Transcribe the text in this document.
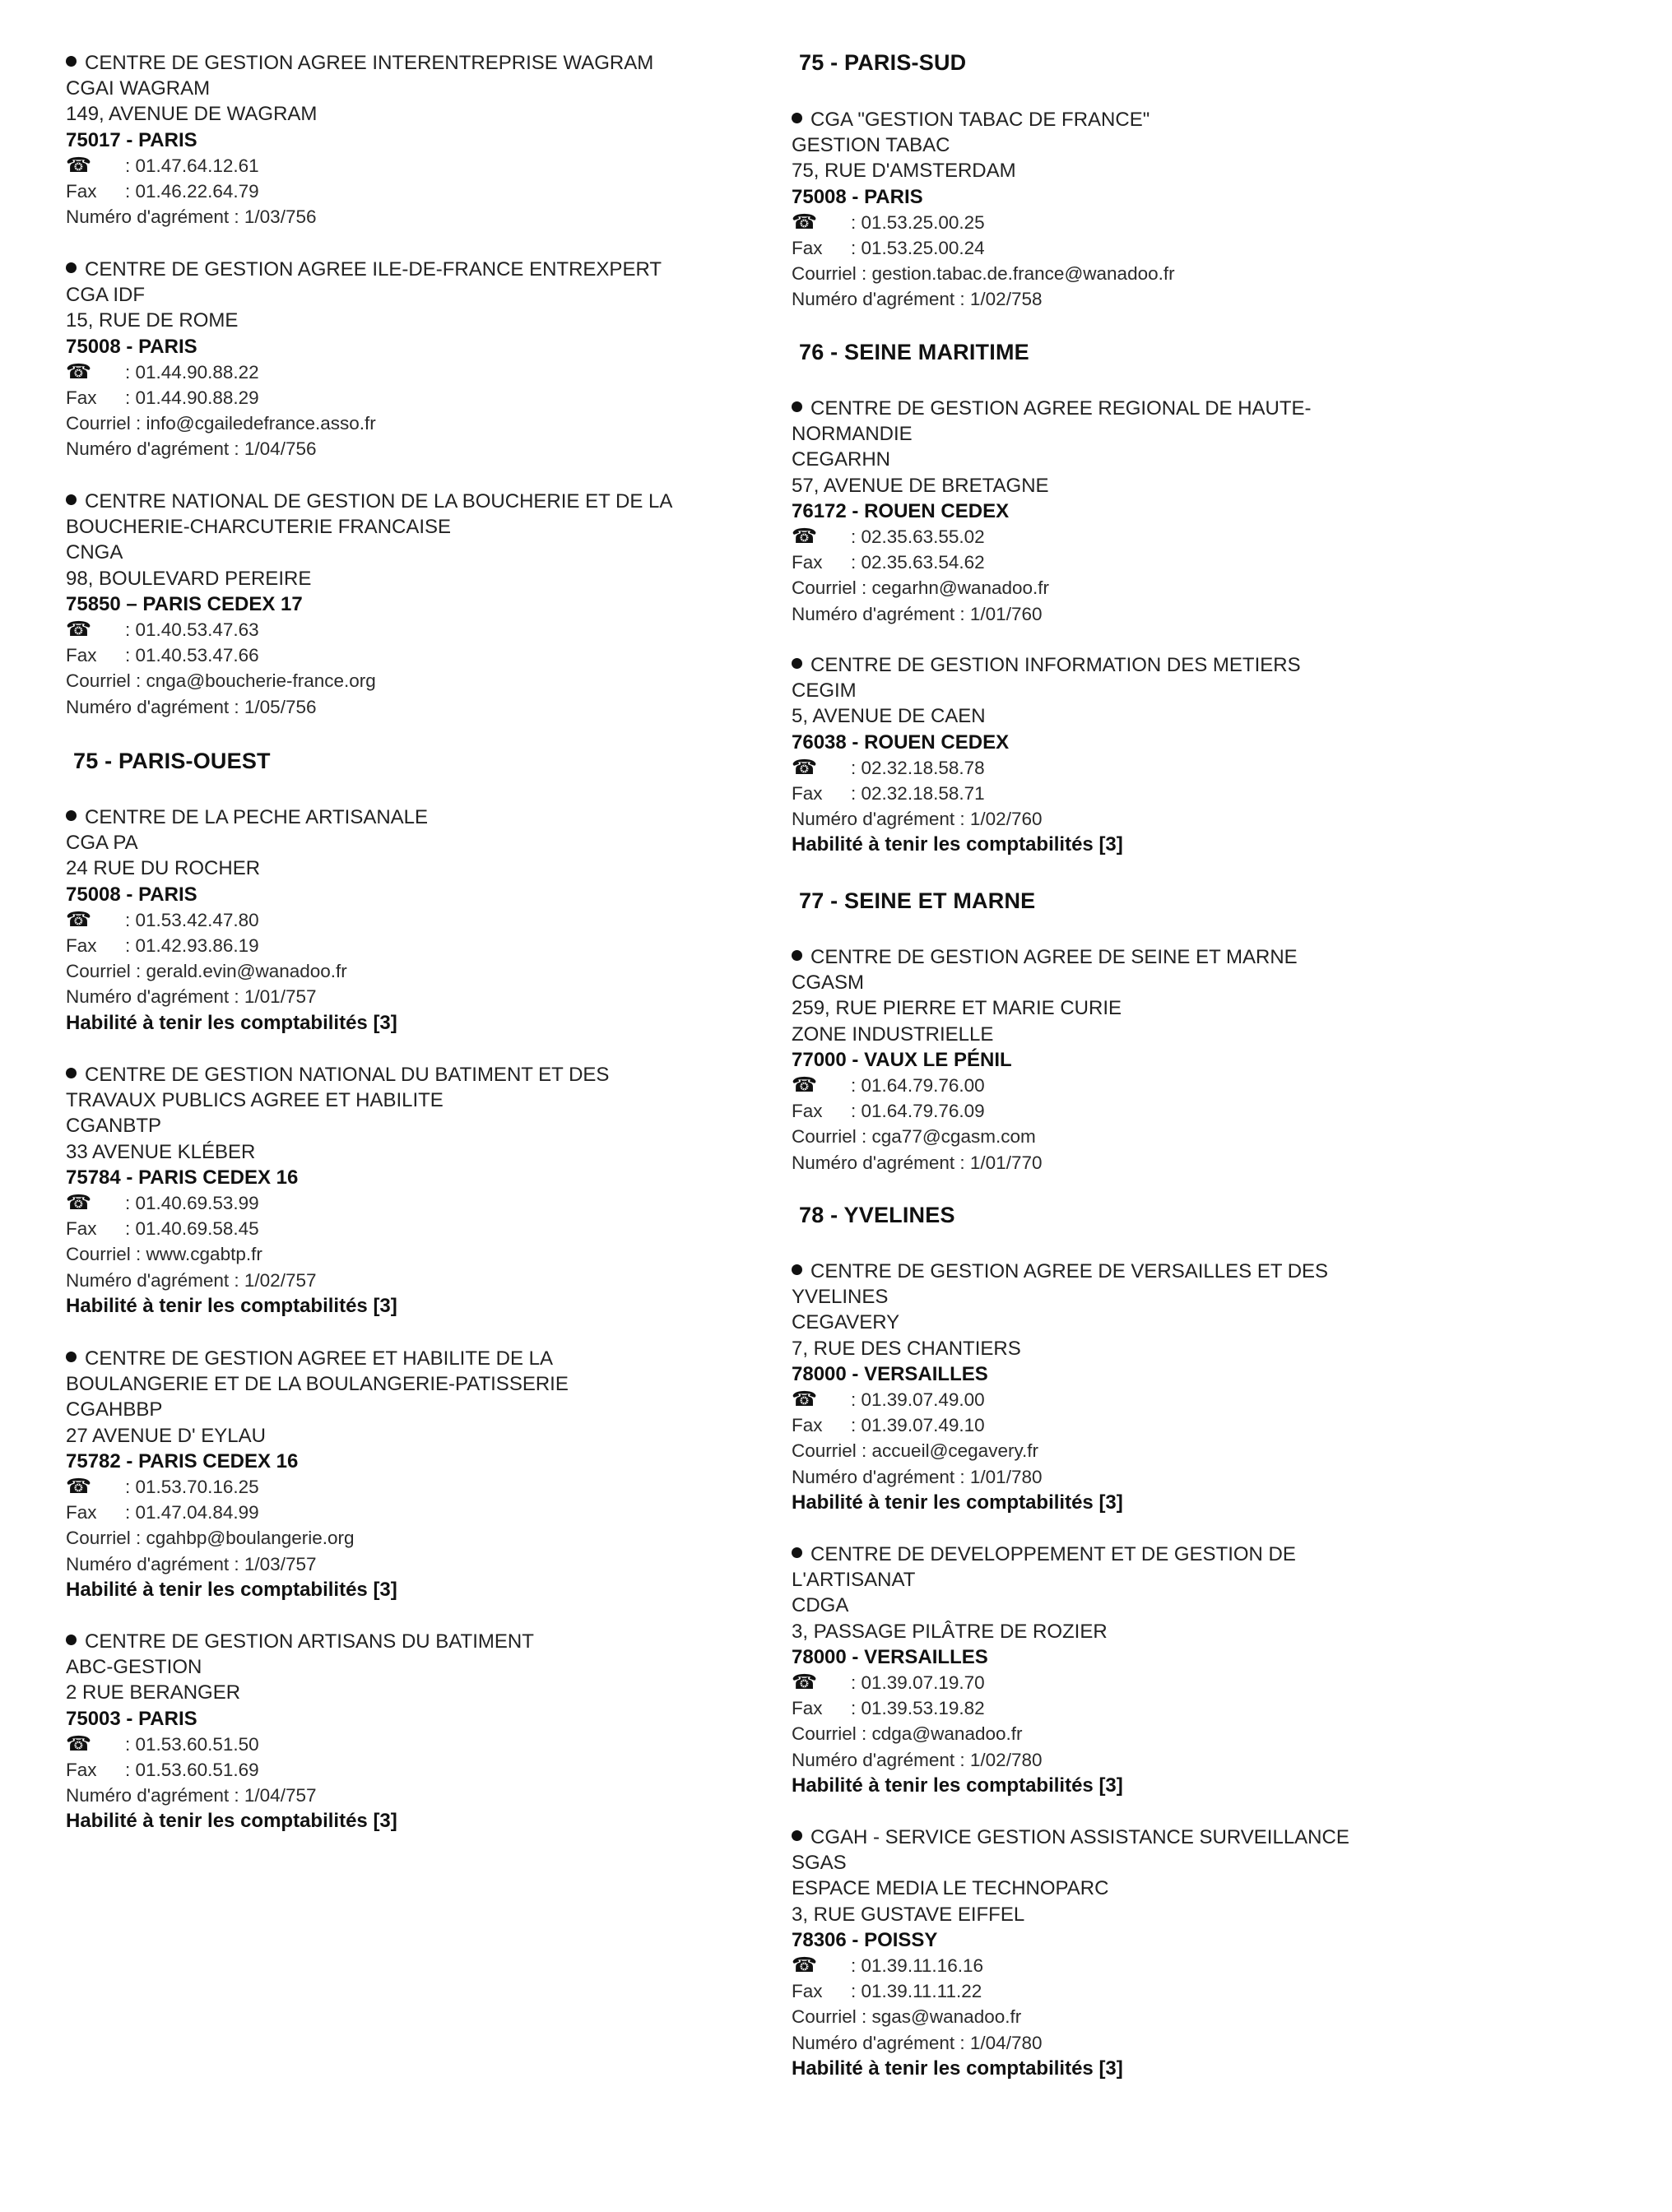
CENTRE DE GESTION AGREE INTERENTREPRISE WAGRAM
CGAI WAGRAM
149, AVENUE DE WAGRAM
75017 - PARIS
☎ : 01.47.64.12.61
Fax : 01.46.22.64.79
Numéro d'agrément : 1/03/756
CENTRE DE GESTION AGREE ILE-DE-FRANCE ENTREXPERT
CGA IDF
15, RUE DE ROME
75008 - PARIS
☎ : 01.44.90.88.22
Fax : 01.44.90.88.29
Courriel : info@cgailedefrance.asso.fr
Numéro d'agrément : 1/04/756
CENTRE NATIONAL DE GESTION DE LA BOUCHERIE ET DE LA
BOUCHERIE-CHARCUTERIE FRANCAISE
CNGA
98, BOULEVARD PEREIRE
75850 – PARIS CEDEX 17
☎ : 01.40.53.47.63
Fax : 01.40.53.47.66
Courriel : cnga@boucherie-france.org
Numéro d'agrément : 1/05/756
75 - PARIS-OUEST
CENTRE DE LA PECHE ARTISANALE
CGA PA
24 RUE DU ROCHER
75008 - PARIS
☎ : 01.53.42.47.80
Fax : 01.42.93.86.19
Courriel : gerald.evin@wanadoo.fr
Numéro d'agrément : 1/01/757
Habilité à tenir les comptabilités [3]
CENTRE DE GESTION NATIONAL DU BATIMENT ET DES
TRAVAUX PUBLICS AGREE ET HABILITE
CGANBTP
33 AVENUE KLÉBER
75784 - PARIS CEDEX 16
☎ : 01.40.69.53.99
Fax : 01.40.69.58.45
Courriel : www.cgabtp.fr
Numéro d'agrément : 1/02/757
Habilité à tenir les comptabilités [3]
CENTRE DE GESTION AGREE ET HABILITE DE LA
BOULANGERIE ET DE LA BOULANGERIE-PATISSERIE
CGAHBBP
27 AVENUE D' EYLAU
75782 - PARIS CEDEX 16
☎ : 01.53.70.16.25
Fax : 01.47.04.84.99
Courriel : cgahbp@boulangerie.org
Numéro d'agrément : 1/03/757
Habilité à tenir les comptabilités [3]
CENTRE DE GESTION ARTISANS DU BATIMENT
ABC-GESTION
2 RUE BERANGER
75003 - PARIS
☎ : 01.53.60.51.50
Fax : 01.53.60.51.69
Numéro d'agrément : 1/04/757
Habilité à tenir les comptabilités [3]
75 - PARIS-SUD
CGA "GESTION TABAC DE FRANCE"
GESTION TABAC
75, RUE D'AMSTERDAM
75008 - PARIS
☎ : 01.53.25.00.25
Fax : 01.53.25.00.24
Courriel : gestion.tabac.de.france@wanadoo.fr
Numéro d'agrément : 1/02/758
76 - SEINE MARITIME
CENTRE DE GESTION AGREE REGIONAL DE HAUTE-
NORMANDIE
CEGARHN
57, AVENUE DE BRETAGNE
76172 - ROUEN CEDEX
☎ : 02.35.63.55.02
Fax : 02.35.63.54.62
Courriel : cegarhn@wanadoo.fr
Numéro d'agrément : 1/01/760
CENTRE DE GESTION INFORMATION DES METIERS
CEGIM
5, AVENUE DE CAEN
76038 - ROUEN CEDEX
☎ : 02.32.18.58.78
Fax : 02.32.18.58.71
Numéro d'agrément : 1/02/760
Habilité à tenir les comptabilités [3]
77 - SEINE ET MARNE
CENTRE DE GESTION AGREE DE SEINE ET MARNE
CGASM
259, RUE PIERRE ET MARIE CURIE
ZONE INDUSTRIELLE
77000 - VAUX LE PÉNIL
☎ : 01.64.79.76.00
Fax : 01.64.79.76.09
Courriel : cga77@cgasm.com
Numéro d'agrément : 1/01/770
78 - YVELINES
CENTRE DE GESTION AGREE DE VERSAILLES ET DES
YVELINES
CEGAVERY
7, RUE DES CHANTIERS
78000 - VERSAILLES
☎ : 01.39.07.49.00
Fax : 01.39.07.49.10
Courriel : accueil@cegavery.fr
Numéro d'agrément : 1/01/780
Habilité à tenir les comptabilités [3]
CENTRE DE DEVELOPPEMENT ET DE GESTION DE
L'ARTISANAT
CDGA
3, PASSAGE PILÂTRE DE ROZIER
78000 - VERSAILLES
☎ : 01.39.07.19.70
Fax : 01.39.53.19.82
Courriel : cdga@wanadoo.fr
Numéro d'agrément : 1/02/780
Habilité à tenir les comptabilités [3]
CGAH - SERVICE GESTION ASSISTANCE SURVEILLANCE
SGAS
ESPACE MEDIA LE TECHNOPARC
3, RUE GUSTAVE EIFFEL
78306 - POISSY
☎ : 01.39.11.16.16
Fax : 01.39.11.11.22
Courriel : sgas@wanadoo.fr
Numéro d'agrément : 1/04/780
Habilité à tenir les comptabilités [3]
